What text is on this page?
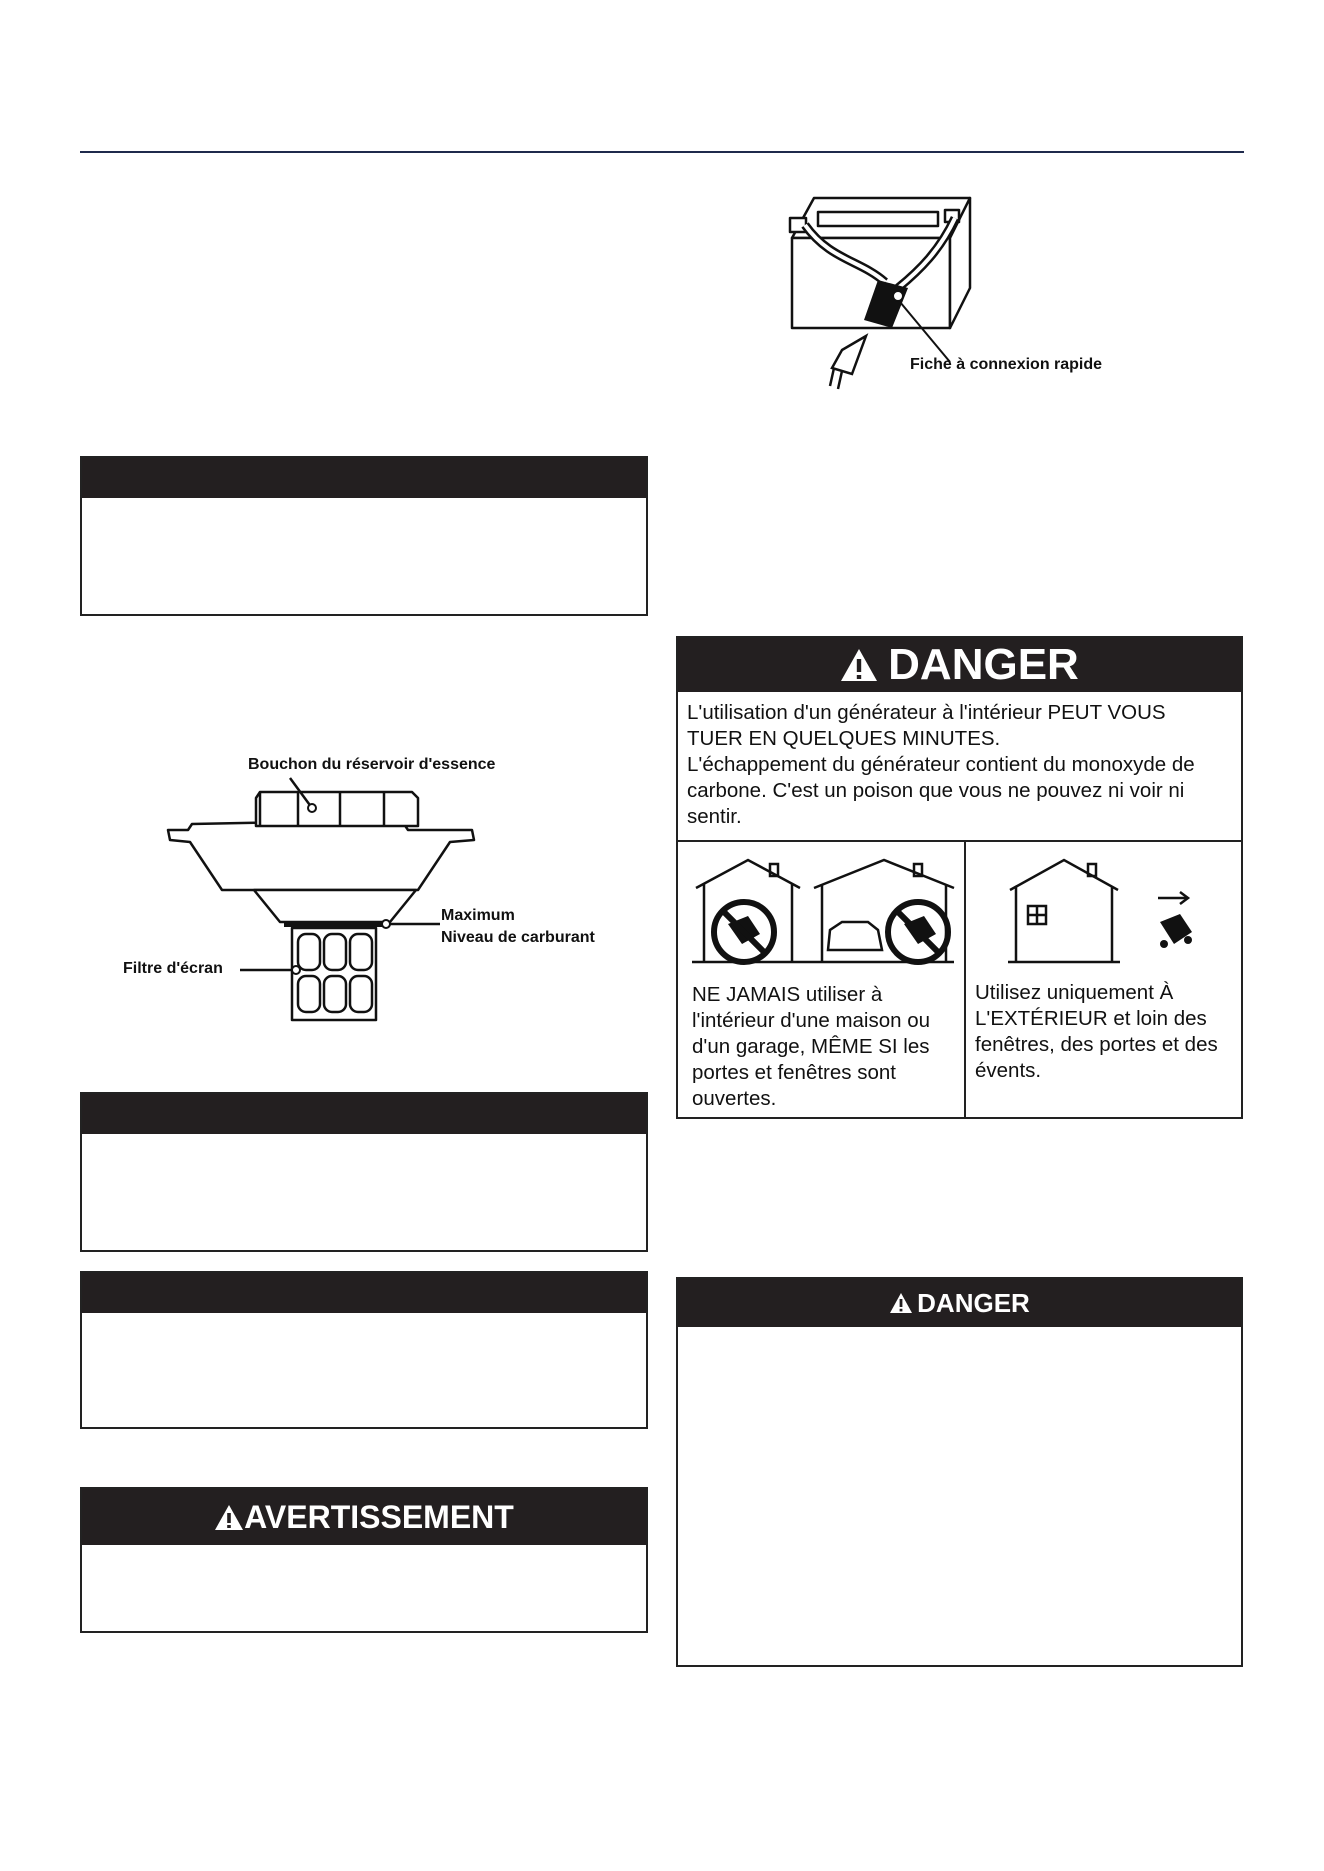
Fiche à connexion rapide
Bouchon du réservoir d'essence
Maximum
Niveau de carburant
Filtre d'écran
AVERTISSEMENT
DANGER
L'utilisation d'un générateur à l'intérieur PEUT VOUS
TUER EN QUELQUES MINUTES.
L'échappement du générateur contient du monoxyde de
carbone. C'est un poison que vous ne pouvez ni voir ni
sentir.
NE JAMAIS utiliser à
l'intérieur d'une maison ou
d'un garage, MÊME SI les
portes et fenêtres sont
ouvertes.
Utilisez uniquement À
L'EXTÉRIEUR et loin des
fenêtres, des portes et des
évents.
DANGER
